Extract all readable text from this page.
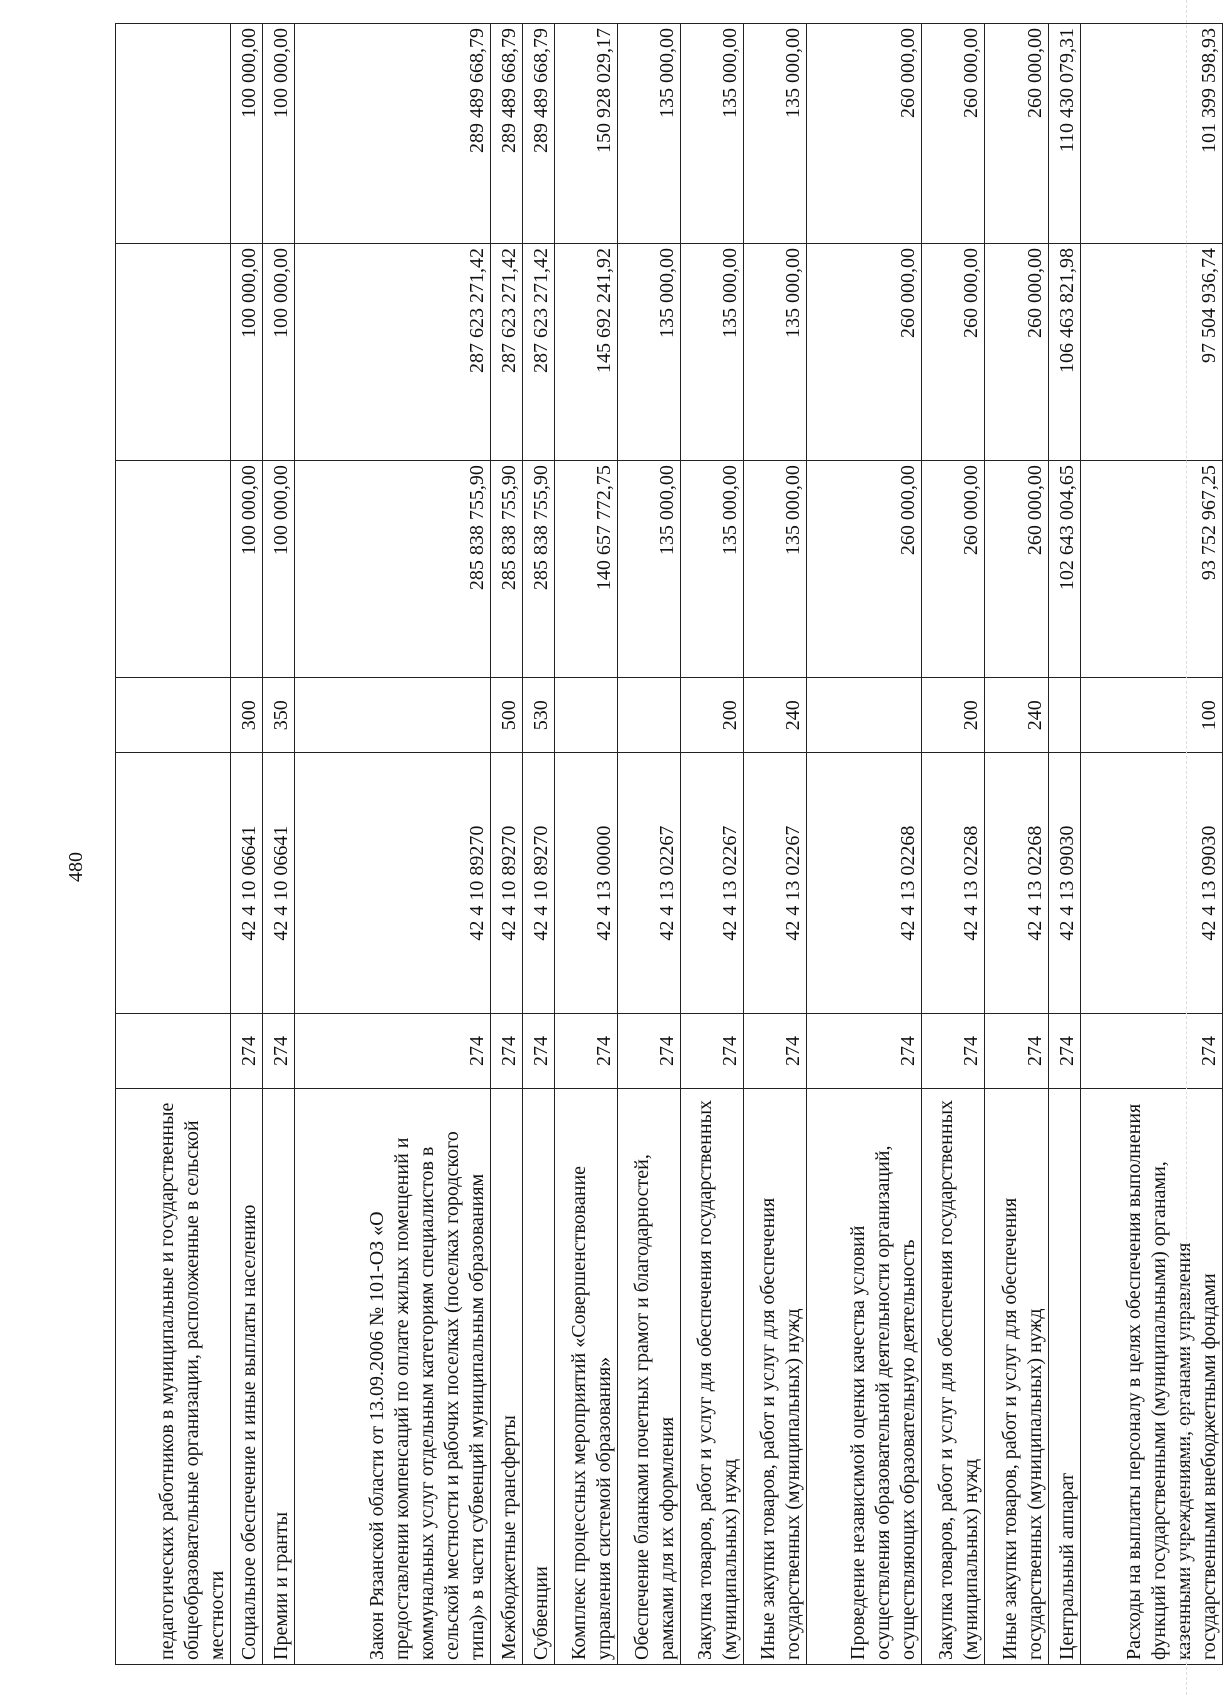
480
педагогических работников в муниципальные и государственные общеобразовательные организации, расположенные в сельской местности						
Социальное обеспечение и иные выплаты населению	274	42 4 10 06641	300	100 000,00	100 000,00	100 000,00
Премии и гранты	274	42 4 10 06641	350	100 000,00	100 000,00	100 000,00
Закон Рязанской области от 13.09.2006 № 101-ОЗ «О предоставлении компенсаций по оплате жилых помещений и коммунальных услуг отдельным категориям специалистов в сельской местности и рабочих поселках (поселках городского типа)» в части субвенций муниципальным образованиям	274	42 4 10 89270		285 838 755,90	287 623 271,42	289 489 668,79
Межбюджетные трансферты	274	42 4 10 89270	500	285 838 755,90	287 623 271,42	289 489 668,79
Субвенции	274	42 4 10 89270	530	285 838 755,90	287 623 271,42	289 489 668,79
Комплекс процессных мероприятий «Совершенствование управления системой образования»	274	42 4 13 00000		140 657 772,75	145 692 241,92	150 928 029,17
Обеспечение бланками почетных грамот и благодарностей, рамками для их оформления	274	42 4 13 02267		135 000,00	135 000,00	135 000,00
Закупка товаров, работ и услуг для обеспечения государственных (муниципальных) нужд	274	42 4 13 02267	200	135 000,00	135 000,00	135 000,00
Иные закупки товаров, работ и услуг для обеспечения государственных (муниципальных) нужд	274	42 4 13 02267	240	135 000,00	135 000,00	135 000,00
Проведение независимой оценки качества условий осуществления образовательной деятельности организаций, осуществляющих образовательную деятельность	274	42 4 13 02268		260 000,00	260 000,00	260 000,00
Закупка товаров, работ и услуг для обеспечения государственных (муниципальных) нужд	274	42 4 13 02268	200	260 000,00	260 000,00	260 000,00
Иные закупки товаров, работ и услуг для обеспечения государственных (муниципальных) нужд	274	42 4 13 02268	240	260 000,00	260 000,00	260 000,00
Центральный аппарат	274	42 4 13 09030		102 643 004,65	106 463 821,98	110 430 079,31
Расходы на выплаты персоналу в целях обеспечения выполнения функций государственными (муниципальными) органами, казенными учреждениями, органами управления государственными внебюджетными фондами	274	42 4 13 09030	100	93 752 967,25	97 504 936,74	101 399 598,93
